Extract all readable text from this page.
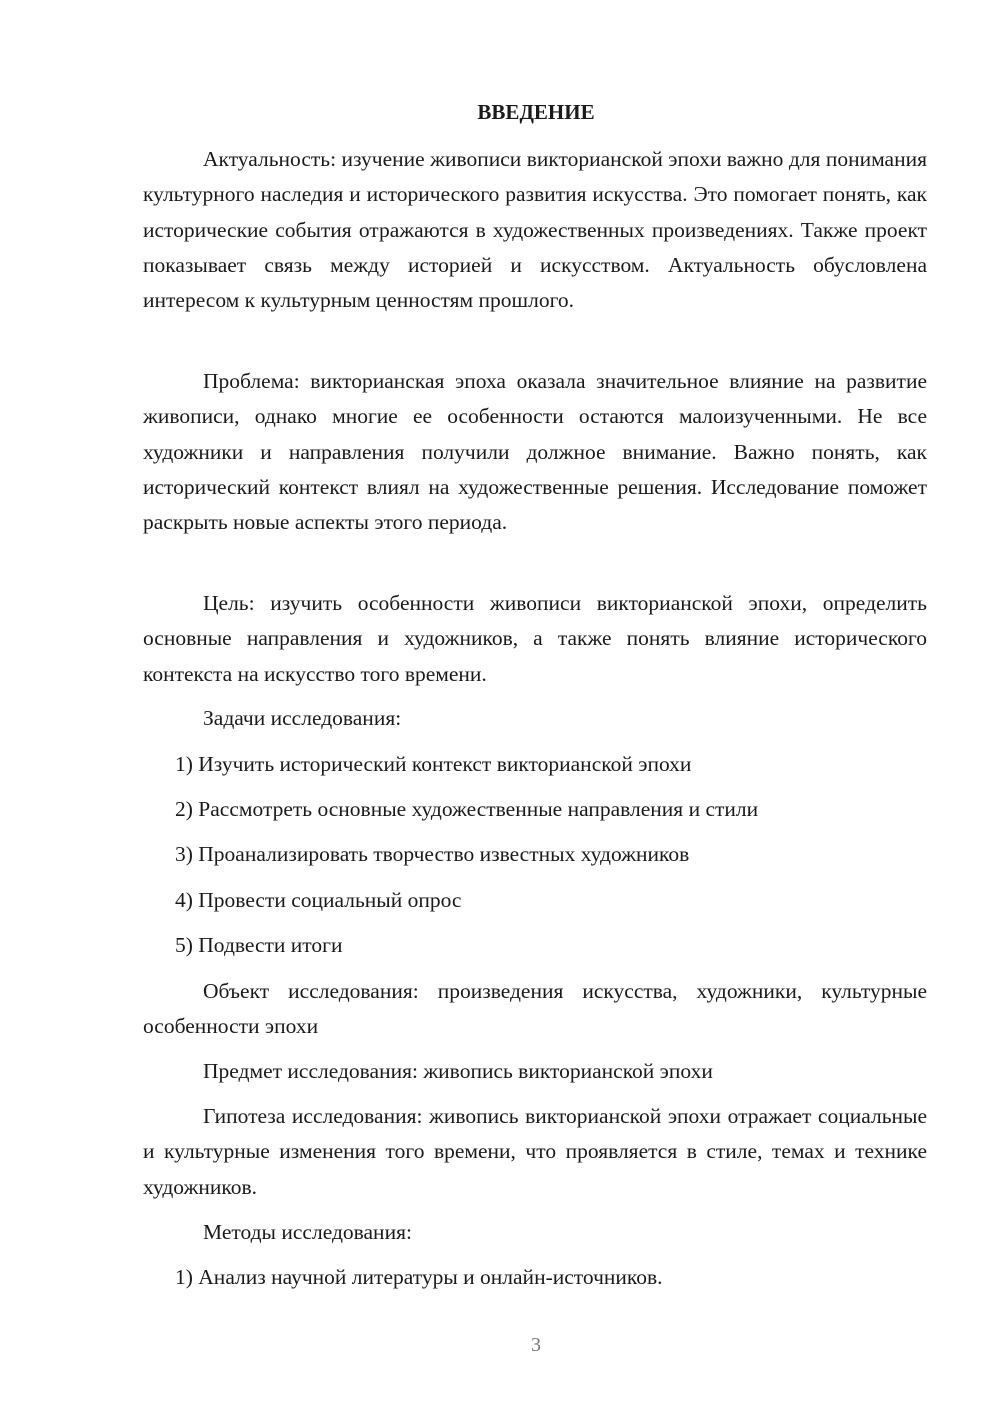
ВВЕДЕНИЕ

Актуальность: изучение живописи викторианской эпохи важно для понимания культурного наследия и исторического развития искусства. Это помогает понять, как исторические события отражаются в художественных произведениях. Также проект показывает связь между историей и искусством. Актуальность обусловлена интересом к культурным ценностям прошлого.

Проблема: викторианская эпоха оказала значительное влияние на развитие живописи, однако многие ее особенности остаются малоизученными. Не все художники и направления получили должное внимание. Важно понять, как исторический контекст влиял на художественные решения. Исследование поможет раскрыть новые аспекты этого периода.

Цель: изучить особенности живописи викторианской эпохи, определить основные направления и художников, а также понять влияние исторического контекста на искусство того времени.

Задачи исследования:

1) Изучить исторический контекст викторианской эпохи

2) Рассмотреть основные художественные направления и стили

3) Проанализировать творчество известных художников

4) Провести социальный опрос

5) Подвести итоги

Объект исследования: произведения искусства, художники, культурные особенности эпохи

Предмет исследования: живопись викторианской эпохи

Гипотеза исследования: живопись викторианской эпохи отражает социальные и культурные изменения того времени, что проявляется в стиле, темах и технике художников.

Методы исследования:

1) Анализ научной литературы и онлайн-источников.

3
